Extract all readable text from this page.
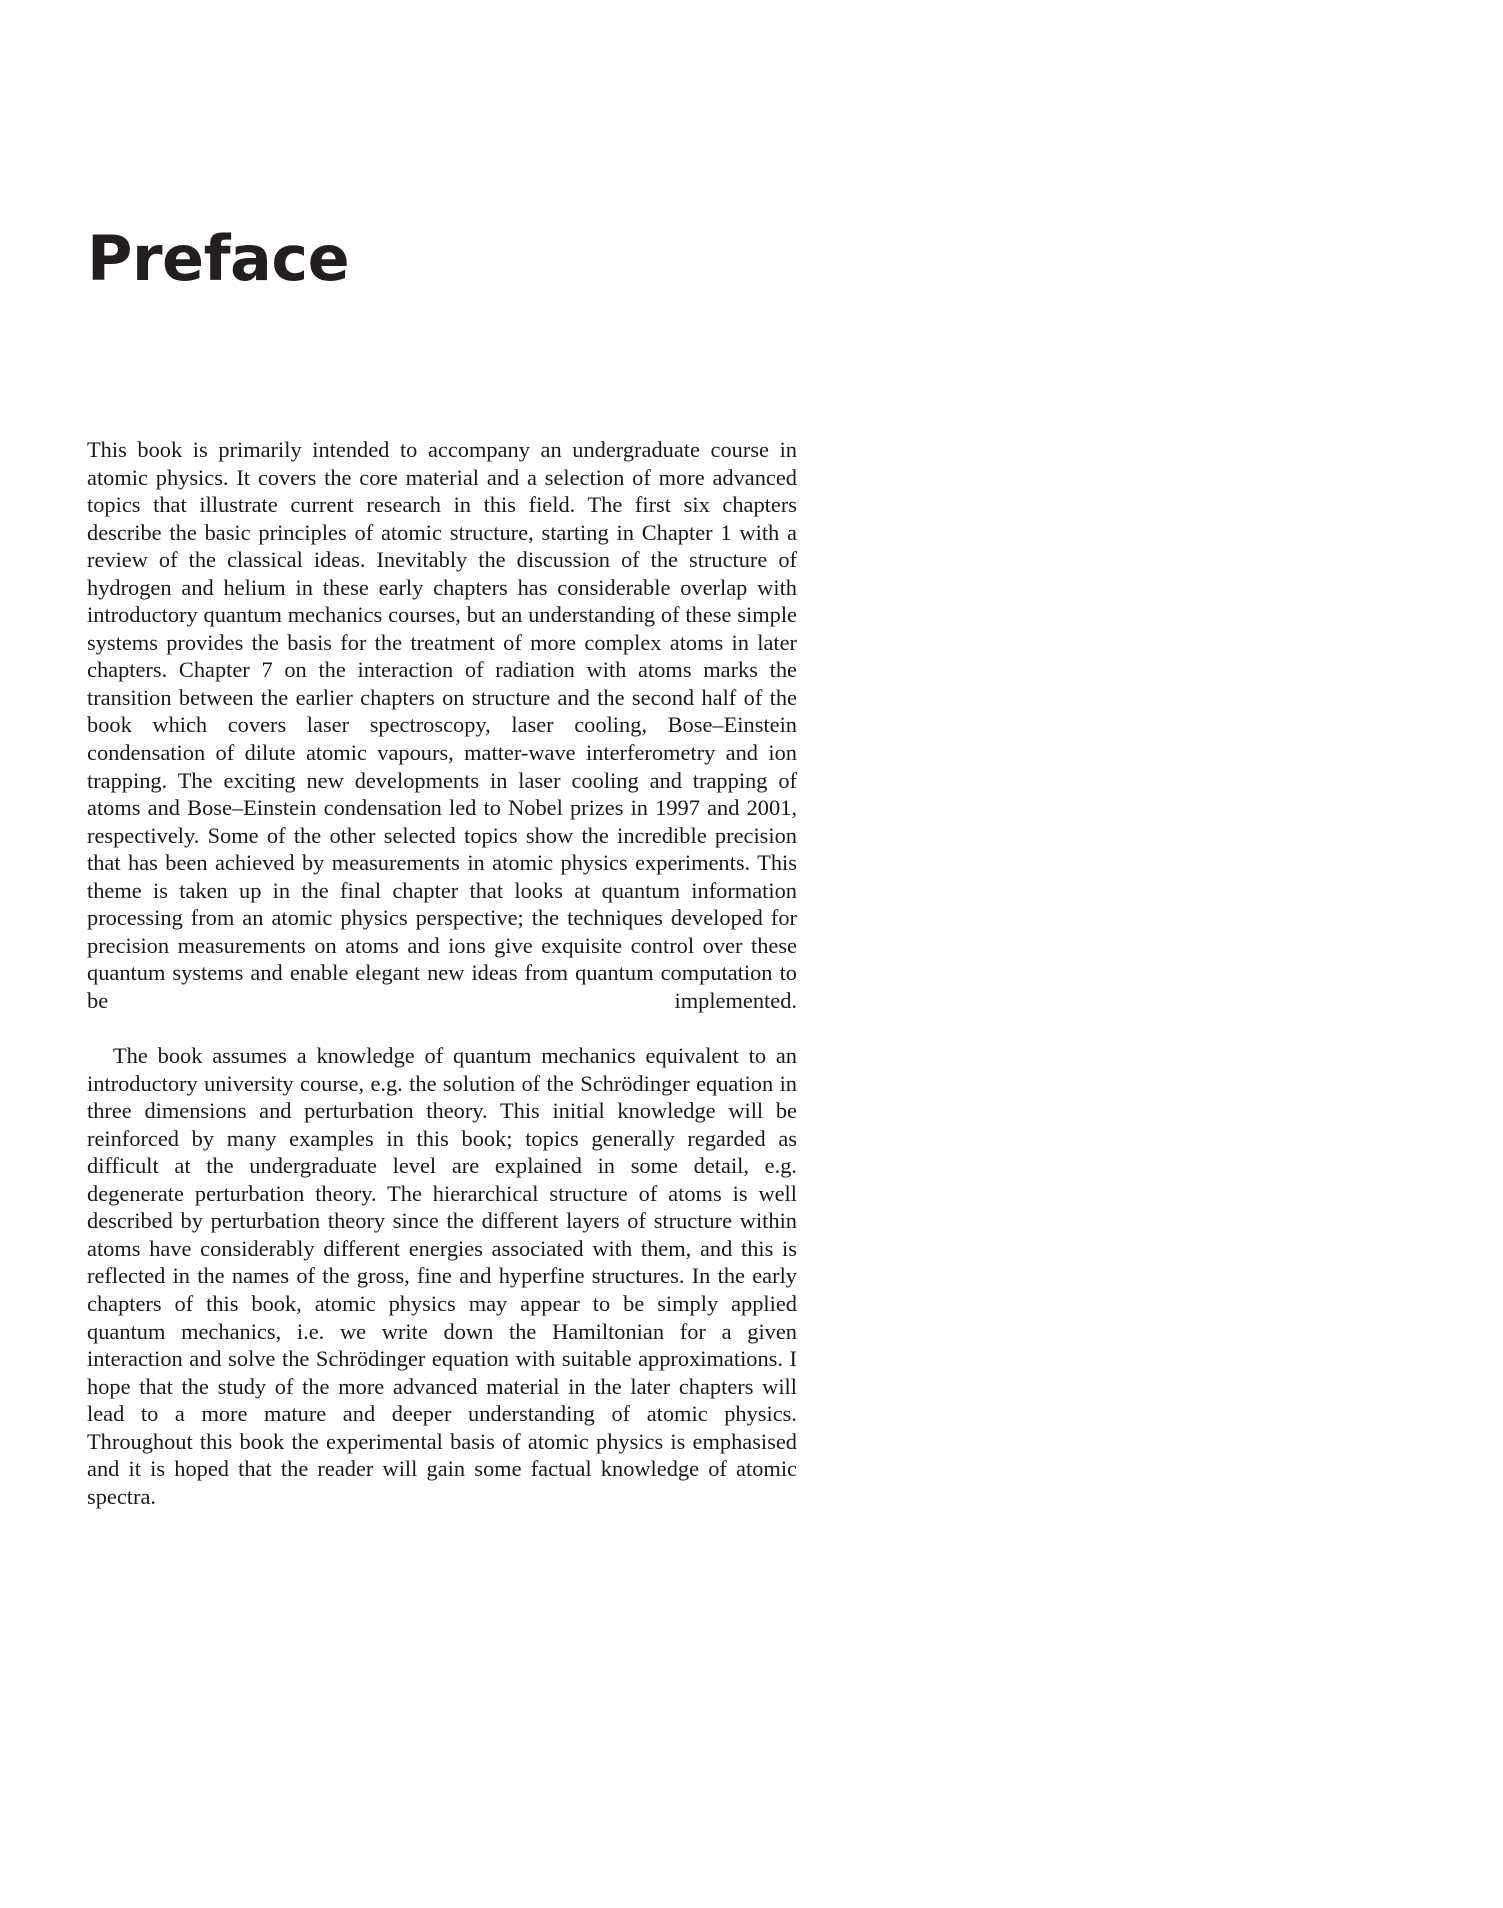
Preface

This book is primarily intended to accompany an undergraduate course in atomic physics. It covers the core material and a selection of more advanced topics that illustrate current research in this field. The first six chapters describe the basic principles of atomic structure, starting in Chapter 1 with a review of the classical ideas. Inevitably the discussion of the structure of hydrogen and helium in these early chapters has considerable overlap with introductory quantum mechanics courses, but an understanding of these simple systems provides the basis for the treatment of more complex atoms in later chapters. Chapter 7 on the interaction of radiation with atoms marks the transition between the earlier chapters on structure and the second half of the book which covers laser spectroscopy, laser cooling, Bose–Einstein condensation of dilute atomic vapours, matter-wave interferometry and ion trapping. The exciting new developments in laser cooling and trapping of atoms and Bose–Einstein condensation led to Nobel prizes in 1997 and 2001, respectively. Some of the other selected topics show the incredible precision that has been achieved by measurements in atomic physics experiments. This theme is taken up in the final chapter that looks at quantum information processing from an atomic physics perspective; the techniques developed for precision measurements on atoms and ions give exquisite control over these quantum systems and enable elegant new ideas from quantum computation to be implemented.

The book assumes a knowledge of quantum mechanics equivalent to an introductory university course, e.g. the solution of the Schrödinger equation in three dimensions and perturbation theory. This initial knowledge will be reinforced by many examples in this book; topics generally regarded as difficult at the undergraduate level are explained in some detail, e.g. degenerate perturbation theory. The hierarchical structure of atoms is well described by perturbation theory since the different layers of structure within atoms have considerably different energies associated with them, and this is reflected in the names of the gross, fine and hyperfine structures. In the early chapters of this book, atomic physics may appear to be simply applied quantum mechanics, i.e. we write down the Hamiltonian for a given interaction and solve the Schrödinger equation with suitable approximations. I hope that the study of the more advanced material in the later chapters will lead to a more mature and deeper understanding of atomic physics. Throughout this book the experimental basis of atomic physics is emphasised and it is hoped that the reader will gain some factual knowledge of atomic spectra.
